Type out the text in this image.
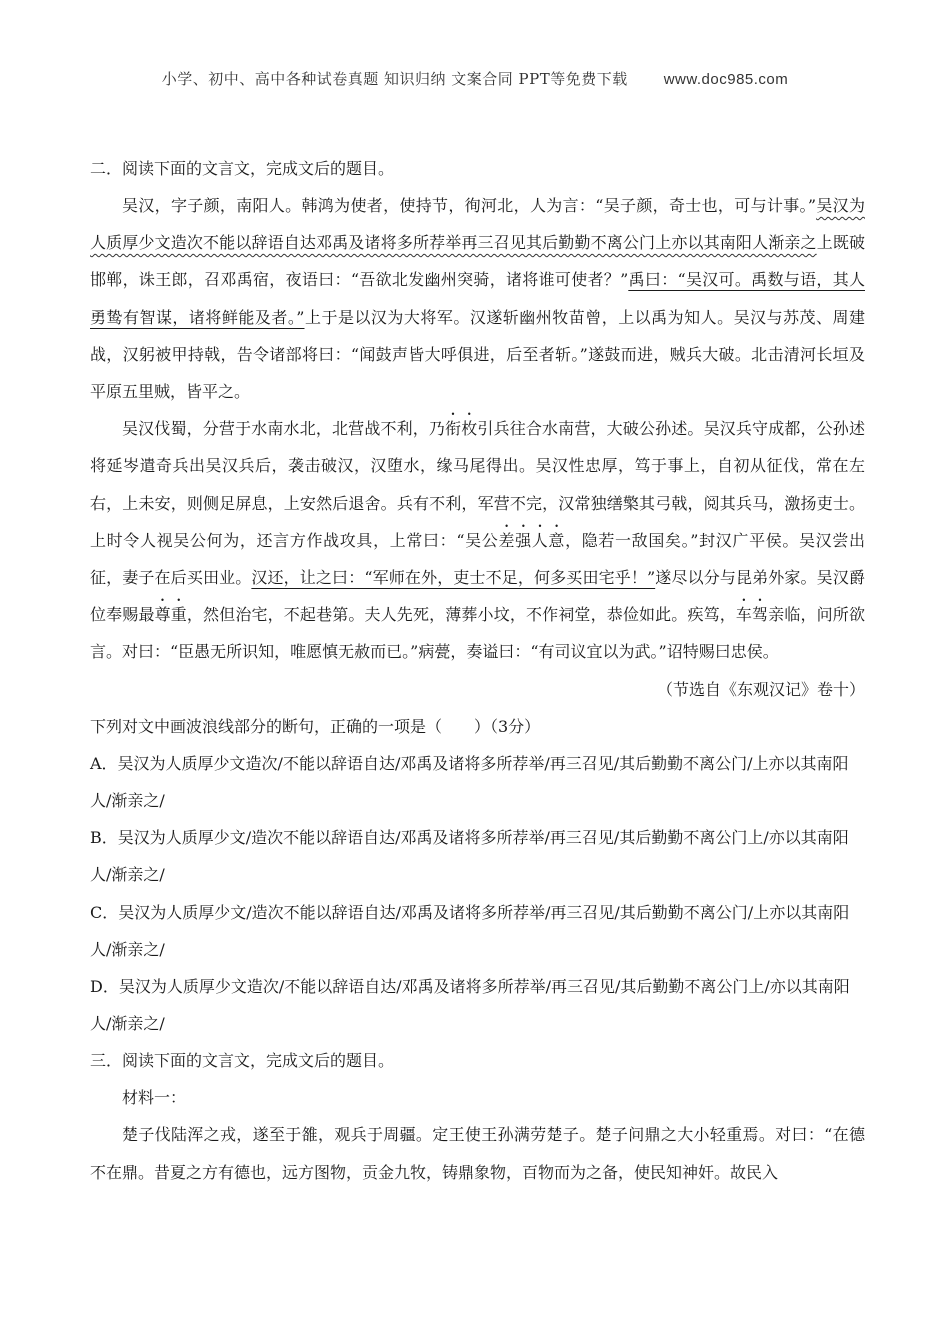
小学、初中、高中各种试卷真题 知识归纳 文案合同 PPT等免费下载 www.doc985.com
二．阅读下面的文言文，完成文后的题目。
吴汉，字子颜，南阳人。韩鸿为使者，使持节，徇河北，人为言：“吴子颜，奇士也，可与计事。”吴汉为人质厚少文造次不能以辞语自达邓禹及诸将多所荐举再三召见其后勤勤不离公门上亦以其南阳人渐亲之上既破邯郸，诛王郎，召邓禹宿，夜语曰：“吾欲北发幽州突骑，诸将谁可使者？”禹曰：“吴汉可。禹数与语，其人勇鸷有智谋，诸将鲜能及者。”上于是以汉为大将军。汉遂斩幽州牧苗曾，上以禹为知人。吴汉与苏茂、周建战，汉躬被甲持戟，告令诸部将曰：“闻鼓声皆大呼俱进，后至者斩。”遂鼓而进，贼兵大破。北击清河长垣及平原五里贼，皆平之。
吴汉伐蜀，分营于水南水北，北营战不利，乃衔枚引兵往合水南营，大破公孙述。吴汉兵守成都，公孙述将延岑遣奇兵出吴汉兵后，袭击破汉，汉堕水，缘马尾得出。吴汉性忠厚，笃于事上，自初从征伐，常在左右，上未安，则侧足屏息，上安然后退舍。兵有不利，军营不完，汉常独缮檠其弓戟，阅其兵马，激扬吏士。上时令人视吴公何为，还言方作战攻具，上常曰：“吴公差强人意，隐若一敌国矣。”封汉广平侯。吴汉尝出征，妻子在后买田业。汉还，让之曰：“军师在外，吏士不足，何多买田宅乎！”遂尽以分与昆弟外家。吴汉爵位奉赐最尊重，然但治宅，不起巷第。夫人先死，薄葬小坟，不作祠堂，恭俭如此。疾笃，车驾亲临，问所欲言。对曰：“臣愚无所识知，唯愿慎无赦而已。”病甍，奏谥曰：“有司议宜以为武。”诏特赐曰忠侯。
（节选自《东观汉记》卷十）
下列对文中画波浪线部分的断句，正确的一项是（　　）（3分）
A．吴汉为人质厚少文造次/不能以辞语自达/邓禹及诸将多所荐举/再三召见/其后勤勤不离公门/上亦以其南阳人/渐亲之/
B．吴汉为人质厚少文/造次不能以辞语自达/邓禹及诸将多所荐举/再三召见/其后勤勤不离公门上/亦以其南阳人/渐亲之/
C．吴汉为人质厚少文/造次不能以辞语自达/邓禹及诸将多所荐举/再三召见/其后勤勤不离公门/上亦以其南阳人/渐亲之/
D．吴汉为人质厚少文造次/不能以辞语自达/邓禹及诸将多所荐举/再三召见/其后勤勤不离公门上/亦以其南阳人/渐亲之/
三．阅读下面的文言文，完成文后的题目。
材料一：
楚子伐陆浑之戎，遂至于雒，观兵于周疆。定王使王孙满劳楚子。楚子问鼎之大小轻重焉。对曰：“在德不在鼎。昔夏之方有德也，远方图物，贡金九牧，铸鼎象物，百物而为之备，使民知神奸。故民入
